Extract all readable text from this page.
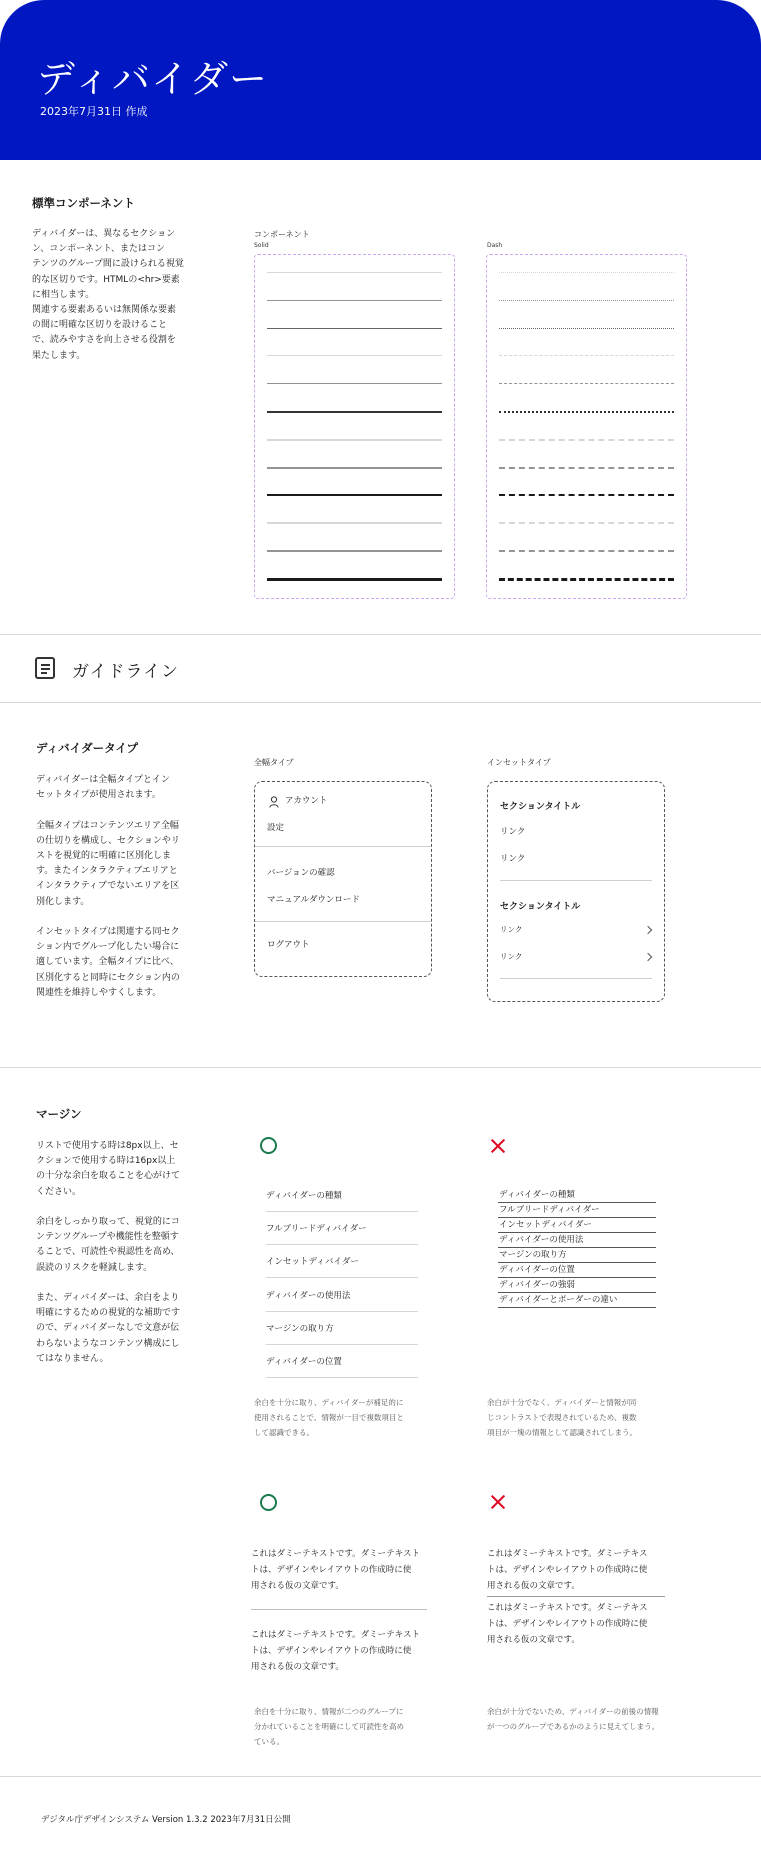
ディバイダー
2023年7月31日 作成
標準コンポーネント
ディバイダーは、異なるセクション
ン、コンポーネント、またはコン
テンツのグループ間に設けられる視覚
的な区切りです。HTMLの<hr>要素
に相当します。
関連する要素あるいは無関係な要素
の間に明確な区切りを設けること
で、読みやすさを向上させる役割を
果たします。
コンポーネント
Solid	Dash
ガイドライン
ディバイダータイプ
ディバイダーは全幅タイプとイン
セットタイプが使用されます。

全幅タイプはコンテンツエリア全幅
の仕切りを構成し、セクションやリ
ストを視覚的に明確に区別化しま
す。またインタラクティブエリアと
インタラクティブでないエリアを区
別化します。

インセットタイプは関連する同セク
ション内でグループ化したい場合に
適しています。全幅タイプに比べ、
区別化すると同時にセクション内の
関連性を維持しやすくします。
全幅タイプ
アカウント
設定
バージョンの確認
マニュアルダウンロード
ログアウト
インセットタイプ
セクションタイトル
リンク
リンク
セクションタイトル
リンク
リンク
マージン
リストで使用する時は8px以上、セ
クションで使用する時は16px以上
の十分な余白を取ることを心がけて
ください。

余白をしっかり取って、視覚的にコ
ンテンツグループや機能性を整頓す
ることで、可読性や視認性を高め、
誤読のリスクを軽減します。

また、ディバイダーは、余白をより
明確にするための視覚的な補助です
ので、ディバイダーなしで文意が伝
わらないようなコンテンツ構成にし
てはなりません。
ディバイダーの種類
フルブリードディバイダー
インセットディバイダー
ディバイダーの使用法
マージンの取り方
ディバイダーの位置
ディバイダーの種類
フルブリードディバイダー
インセットディバイダー
ディバイダーの使用法
マージンの取り方
ディバイダーの位置
ディバイダーの強弱
ディバイダーとボーダーの違い
余白を十分に取り、ディバイダーが補足的に
使用されることで、情報が一目で複数項目と
して認識できる。
余白が十分でなく、ディバイダーと情報が同
じコントラストで表現されているため、複数
項目が一塊の情報として認識されてしまう。
これはダミーテキストです。ダミーテキスト
トは、デザインやレイアウトの作成時に使
用される仮の文章です。
これはダミーテキストです。ダミーテキスト
トは、デザインやレイアウトの作成時に使
用される仮の文章です。
これはダミーテキストです。ダミーテキス
トは、デザインやレイアウトの作成時に使
用される仮の文章です。
これはダミーテキストです。ダミーテキス
トは、デザインやレイアウトの作成時に使
用される仮の文章です。
余白を十分に取り、情報が二つのグループに
分かれていることを明確にして可読性を高め
ている。
余白が十分でないため、ディバイダーの前後の情報
が一つのグループであるかのように見えてしまう。
デジタル庁デザインシステム Version 1.3.2 2023年7月31日公開
